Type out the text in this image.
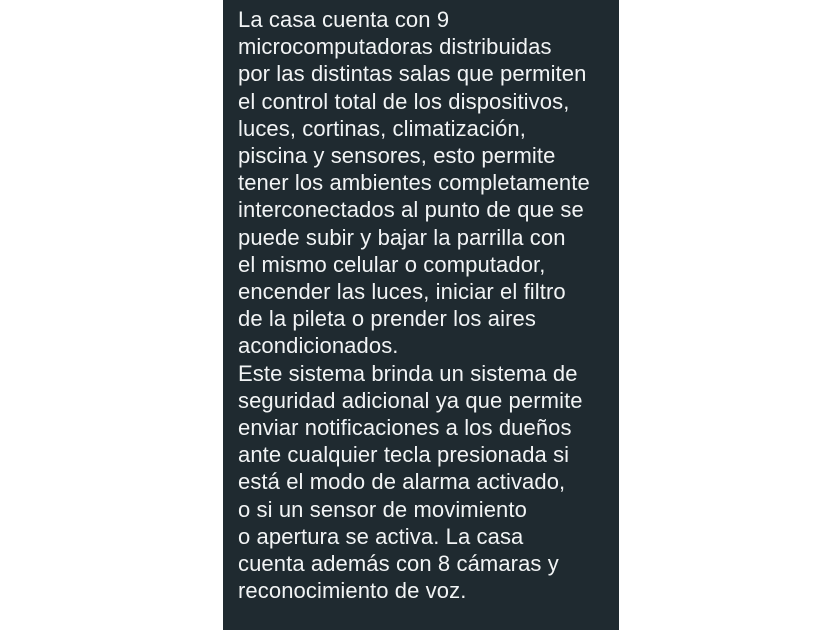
La casa cuenta con 9
microcomputadoras distribuidas
por las distintas salas que permiten
el control total de los dispositivos,
luces, cortinas, climatización,
piscina y sensores, esto permite
tener los ambientes completamente
interconectados al punto de que se
puede subir y bajar la parrilla con
el mismo celular o computador,
encender las luces, iniciar el filtro
de la pileta o prender los aires
acondicionados.
Este sistema brinda un sistema de
seguridad adicional ya que permite
enviar notificaciones a los dueños
ante cualquier tecla presionada si
está el modo de alarma activado,
o si un sensor de movimiento
o apertura se activa. La casa
cuenta además con 8 cámaras y
reconocimiento de voz.
